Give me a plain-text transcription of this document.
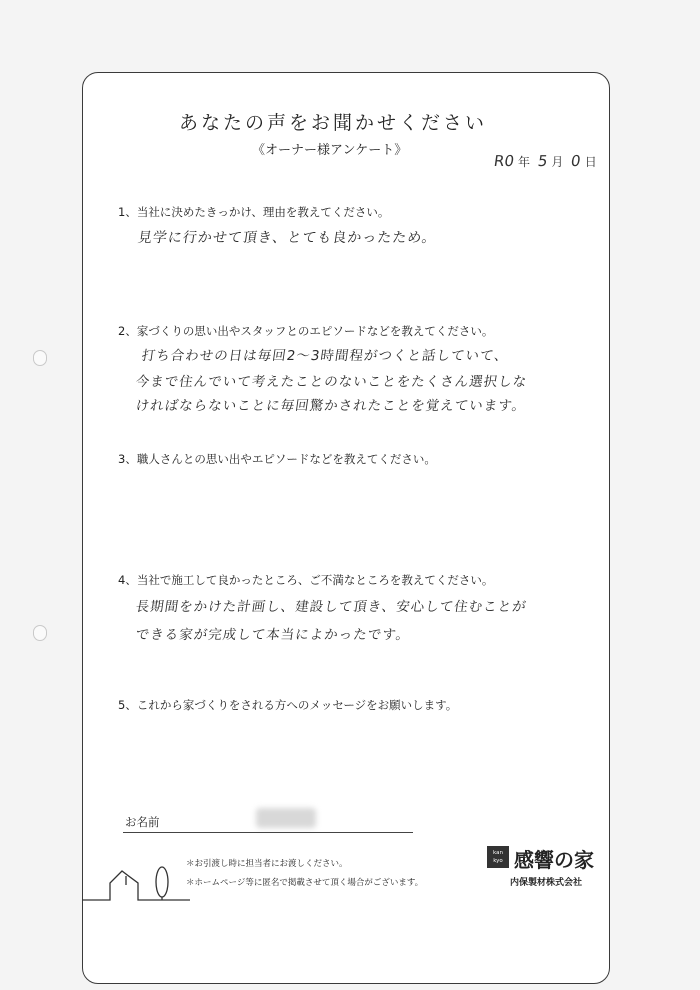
あなたの声をお聞かせください
《オーナー様アンケート》
R0 年 5 月 0 日
1、当社に決めたきっかけ、理由を教えてください。
見学に行かせて頂き、とても良かったため。
2、家づくりの思い出やスタッフとのエピソードなどを教えてください。
打ち合わせの日は毎回2〜3時間程がつくと話していて、
今まで住んでいて考えたことのないことをたくさん選択しな
ければならないことに毎回驚かされたことを覚えています。
3、職人さんとの思い出やエピソードなどを教えてください。
4、当社で施工して良かったところ、ご不満なところを教えてください。
長期間をかけた計画し、建設して頂き、安心して住むことが
できる家が完成して本当によかったです。
5、これから家づくりをされる方へのメッセージをお願いします。
お名前
＊お引渡し時に担当者にお渡しください。
＊ホームページ等に匿名で掲載させて頂く場合がございます。
kan
kyo 感響の家
内保製材株式会社
